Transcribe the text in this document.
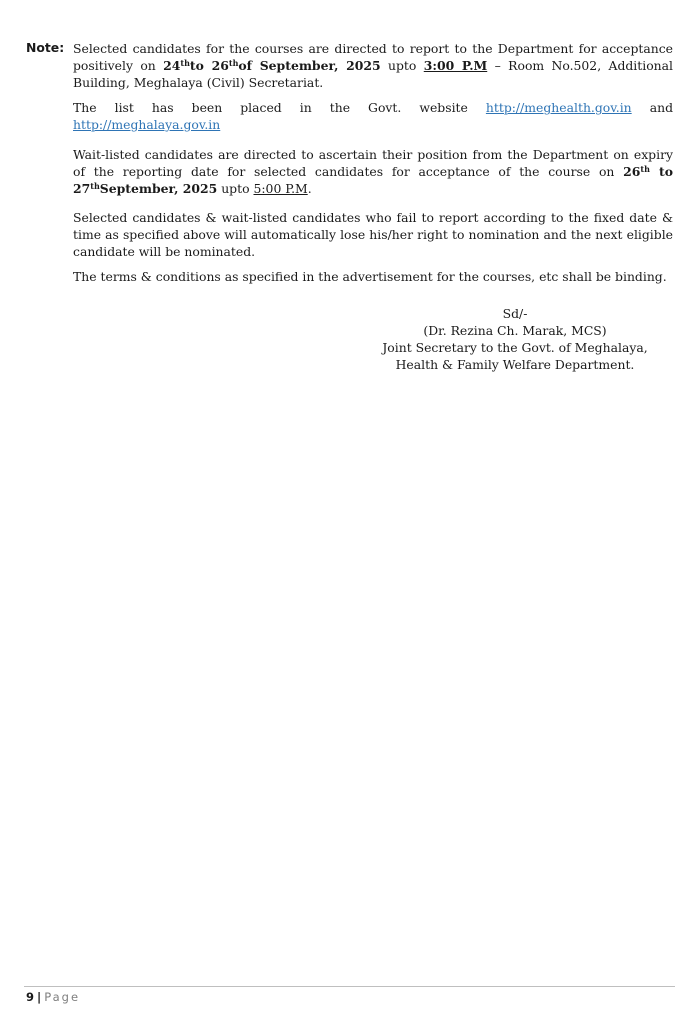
Note: Selected candidates for the courses are directed to report to the Department for acceptance positively on 24thto 26thof September, 2025 upto 3:00 P.M – Room No.502, Additional Building, Meghalaya (Civil) Secretariat.

The list has been placed in the Govt. website http://meghealth.gov.in and http://meghalaya.gov.in

Wait-listed candidates are directed to ascertain their position from the Department on expiry of the reporting date for selected candidates for acceptance of the course on 26th to 27thSeptember, 2025 upto 5:00 P.M.

Selected candidates & wait-listed candidates who fail to report according to the fixed date & time as specified above will automatically lose his/her right to nomination and the next eligible candidate will be nominated.

The terms & conditions as specified in the advertisement for the courses, etc shall be binding.

Sd/-
(Dr. Rezina Ch. Marak, MCS)
Joint Secretary to the Govt. of Meghalaya,
Health & Family Welfare Department.
9 | Page
